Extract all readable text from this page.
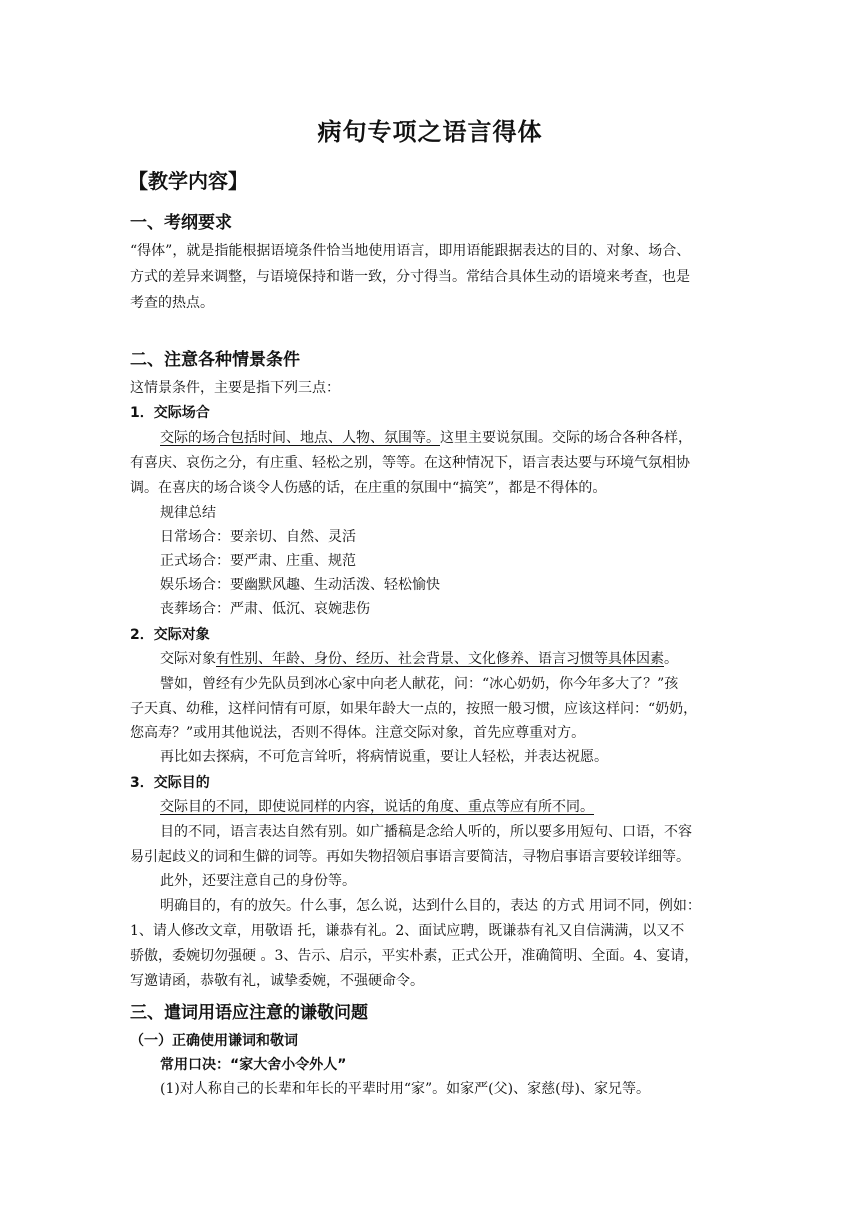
病句专项之语言得体
【教学内容】
一、考纲要求
“得体”，就是指能根据语境条件恰当地使用语言，即用语能跟据表达的目的、对象、场合、
方式的差异来调整，与语境保持和谐一致，分寸得当。常结合具体生动的语境来考查，也是
考查的热点。
二、注意各种情景条件
这情景条件，主要是指下列三点：
1．交际场合
交际的场合包括时间、地点、人物、氛围等。这里主要说氛围。交际的场合各种各样，
有喜庆、哀伤之分，有庄重、轻松之别，等等。在这种情况下，语言表达要与环境气氛相协
调。在喜庆的场合谈令人伤感的话，在庄重的氛围中“搞笑”，都是不得体的。
规律总结
日常场合：要亲切、自然、灵活
正式场合：要严肃、庄重、规范
娱乐场合：要幽默风趣、生动活泼、轻松愉快
丧葬场合：严肃、低沉、哀婉悲伤
2．交际对象
交际对象有性别、年龄、身份、经历、社会背景、文化修养、语言习惯等具体因素。
譬如，曾经有少先队员到冰心家中向老人献花，问：“冰心奶奶，你今年多大了？”孩
子天真、幼稚，这样问情有可原，如果年龄大一点的，按照一般习惯，应该这样问：“奶奶，
您高寿？”或用其他说法，否则不得体。注意交际对象，首先应尊重对方。
再比如去探病，不可危言耸听，将病情说重，要让人轻松，并表达祝愿。
3．交际目的
交际目的不同，即使说同样的内容，说话的角度、重点等应有所不同。
目的不同，语言表达自然有别。如广播稿是念给人听的，所以要多用短句、口语，不容
易引起歧义的词和生僻的词等。再如失物招领启事语言要简洁，寻物启事语言要较详细等。
此外，还要注意自己的身份等。
明确目的，有的放矢。什么事，怎么说，达到什么目的，表达 的方式 用词不同，例如：
1、请人修改文章，用敬语 托，谦恭有礼。2、面试应聘，既谦恭有礼又自信满满，以又不
骄傲，委婉切勿强硬 。3、告示、启示，平实朴素，正式公开，准确简明、全面。4、宴请，
写邀请函，恭敬有礼，诚挚委婉，不强硬命令。
三、遣词用语应注意的谦敬问题
（一）正确使用谦词和敬词
常用口决：“家大舍小令外人”
(1)对人称自己的长辈和年长的平辈时用“家”。如家严(父)、家慈(母)、家兄等。
